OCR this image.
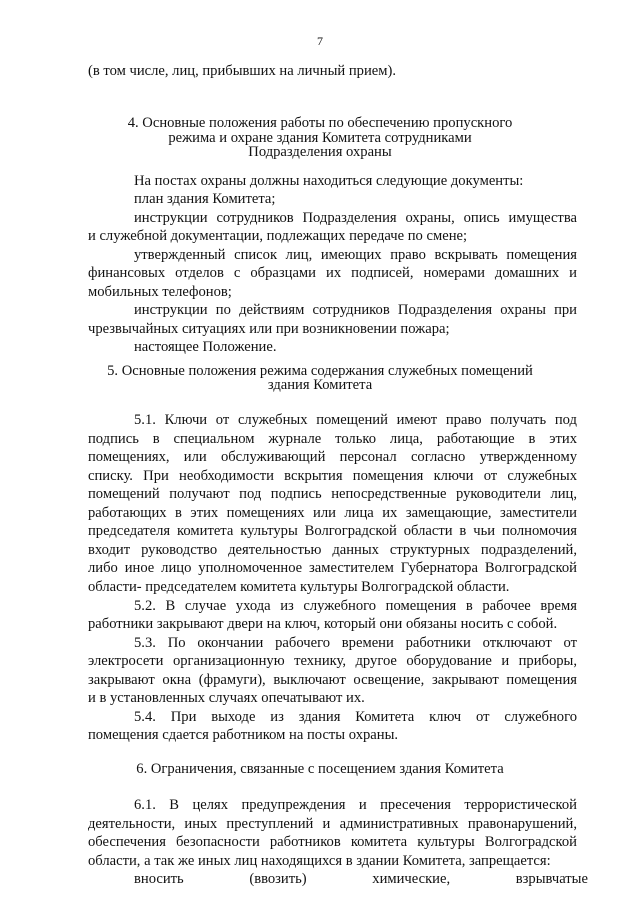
7
(в том числе, лиц, прибывших на личный прием).
4. Основные положения работы по обеспечению пропускного
режима и охране здания Комитета сотрудниками
Подразделения охраны
На постах охраны должны находиться следующие документы:
план здания Комитета;
инструкции сотрудников Подразделения охраны, опись имущества
и служебной документации, подлежащих передаче по смене;
утвержденный список лиц, имеющих право вскрывать помещения
финансовых отделов с образцами их подписей, номерами домашних и
мобильных телефонов;
инструкции по действиям сотрудников Подразделения охраны при
чрезвычайных ситуациях или при возникновении пожара;
настоящее Положение.
5. Основные положения режима содержания служебных помещений
здания Комитета
5.1. Ключи от служебных помещений имеют право получать под
подпись в специальном журнале только лица, работающие в этих
помещениях, или обслуживающий персонал согласно утвержденному
списку. При необходимости вскрытия помещения ключи от служебных
помещений получают под подпись непосредственные руководители лиц,
работающих в этих помещениях или лица их замещающие, заместители
председателя комитета культуры Волгоградской области в чьи полномочия
входит руководство деятельностью данных структурных подразделений,
либо иное лицо уполномоченное заместителем Губернатора Волгоградской
области- председателем комитета культуры Волгоградской области.
5.2. В случае ухода из служебного помещения в рабочее время
работники закрывают двери на ключ, который они обязаны носить с собой.
5.3. По окончании рабочего времени работники отключают от
электросети организационную технику, другое оборудование и приборы,
закрывают окна (фрамуги), выключают освещение, закрывают помещения
и в установленных случаях опечатывают их.
5.4. При выходе из здания Комитета ключ от служебного
помещения сдается работником на посты охраны.
6. Ограничения, связанные с посещением здания Комитета
6.1. В целях предупреждения и пресечения террористической
деятельности, иных преступлений и административных правонарушений,
обеспечения безопасности работников комитета культуры Волгоградской
области, а так же иных лиц находящихся в здании Комитета, запрещается:
вносить (ввозить) химические, взрывчатые
